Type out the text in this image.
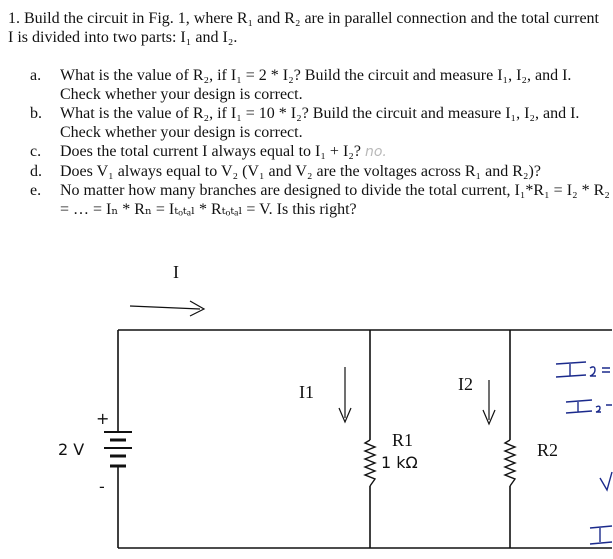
1. Build the circuit in Fig. 1, where R₁ and R₂ are in parallel connection and the total current I is divided into two parts: I₁ and I₂.
a.	What is the value of R₂, if I₁ = 2 * I₂? Build the circuit and measure I₁, I₂, and I. Check whether your design is correct.
b.	What is the value of R₂, if I₁ = 10 * I₂? Build the circuit and measure I₁, I₂, and I. Check whether your design is correct.
c.	Does the total current I always equal to I₁ + I₂? no.
d.	Does V₁ always equal to V₂ (V₁ and V₂ are the voltages across R₁ and R₂)?
e.	No matter how many branches are designed to divide the total current, I₁*R₁ = I₂ * R₂ = … = Iₙ * Rₙ = Iₜₒₜₐₗ * Rₜₒₜₐₗ = V. Is this right?
+
-
2 V
I
I1	I2
R1
1 kΩ
R2
